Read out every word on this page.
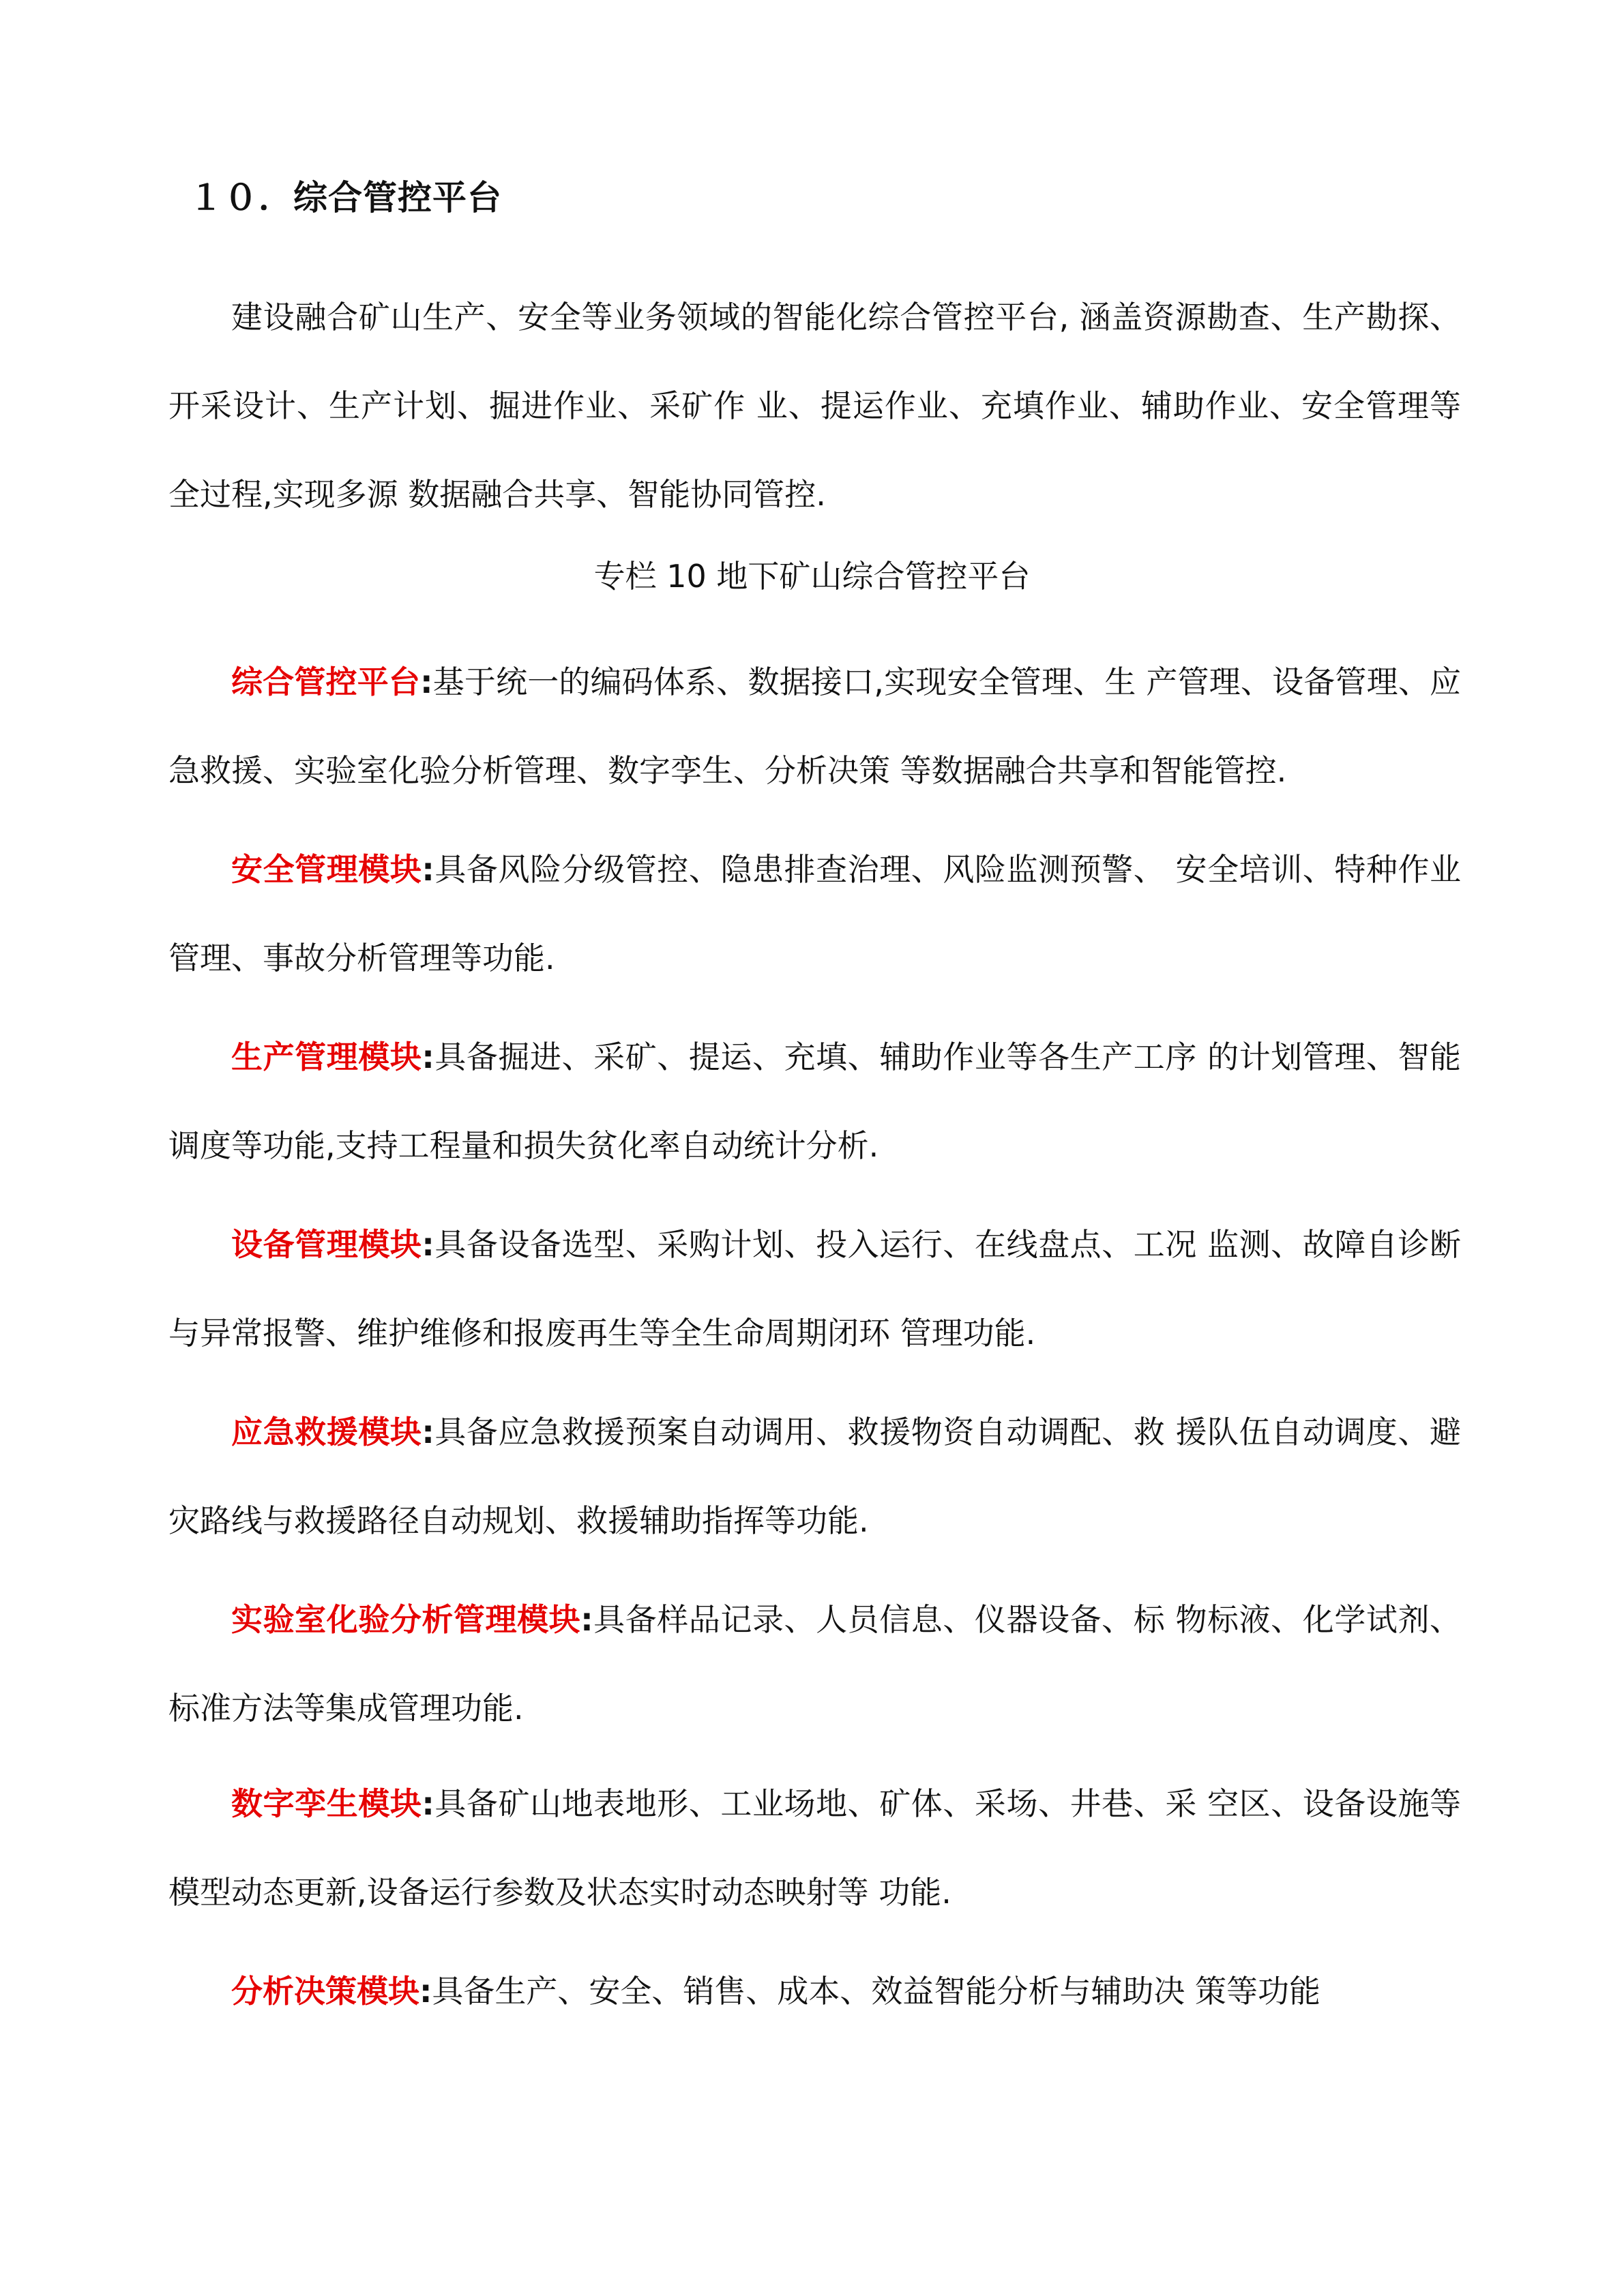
１０．综合管控平台

建设融合矿山生产、安全等业务领域的智能化综合管控平台, 涵盖资源勘查、生产勘探、开采设计、生产计划、掘进作业、采矿作 业、提运作业、充填作业、辅助作业、安全管理等全过程,实现多源 数据融合共享、智能协同管控.

专栏 10 地下矿山综合管控平台

综合管控平台:基于统一的编码体系、数据接口,实现安全管理、生 产管理、设备管理、应急救援、实验室化验分析管理、数字孪生、分析决策 等数据融合共享和智能管控.

安全管理模块:具备风险分级管控、隐患排查治理、风险监测预警、 安全培训、特种作业管理、事故分析管理等功能.

生产管理模块:具备掘进、采矿、提运、充填、辅助作业等各生产工序 的计划管理、智能调度等功能,支持工程量和损失贫化率自动统计分析.

设备管理模块:具备设备选型、采购计划、投入运行、在线盘点、工况 监测、故障自诊断与异常报警、维护维修和报废再生等全生命周期闭环 管理功能.

应急救援模块:具备应急救援预案自动调用、救援物资自动调配、救 援队伍自动调度、避灾路线与救援路径自动规划、救援辅助指挥等功能.

实验室化验分析管理模块:具备样品记录、人员信息、仪器设备、标 物标液、化学试剂、标准方法等集成管理功能.

数字孪生模块:具备矿山地表地形、工业场地、矿体、采场、井巷、采 空区、设备设施等模型动态更新,设备运行参数及状态实时动态映射等 功能.

分析决策模块:具备生产、安全、销售、成本、效益智能分析与辅助决 策等功能
